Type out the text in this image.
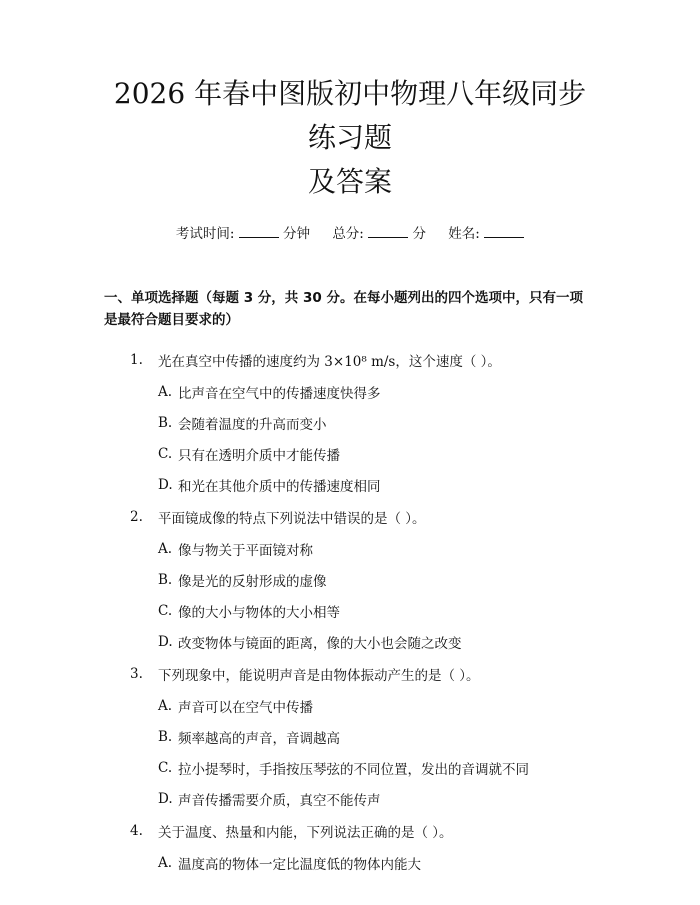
2026 年春中图版初中物理八年级同步练习题
及答案
考试时间:	分钟 总分:	分 姓名:
一、单项选择题（每题 3 分，共 30 分。在每小题列出的四个选项中，只有一项是最符合题目要求的）
1.	光在真空中传播的速度约为 3×10⁸ m/s，这个速度（ ）。
A. 比声音在空气中的传播速度快得多
B. 会随着温度的升高而变小
C. 只有在透明介质中才能传播
D. 和光在其他介质中的传播速度相同
2.	平面镜成像的特点下列说法中错误的是（ ）。
A. 像与物关于平面镜对称
B. 像是光的反射形成的虚像
C. 像的大小与物体的大小相等
D. 改变物体与镜面的距离，像的大小也会随之改变
3.	下列现象中，能说明声音是由物体振动产生的是（ ）。
A. 声音可以在空气中传播
B. 频率越高的声音，音调越高
C. 拉小提琴时，手指按压琴弦的不同位置，发出的音调就不同
D. 声音传播需要介质，真空不能传声
4.	关于温度、热量和内能，下列说法正确的是（ ）。
A. 温度高的物体一定比温度低的物体内能大
